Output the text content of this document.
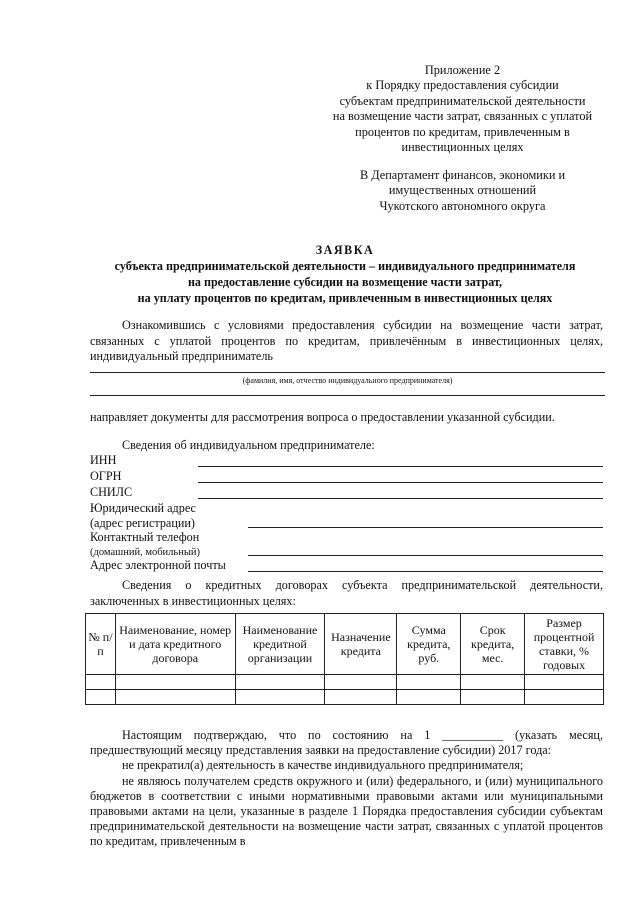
Приложение 2
к Порядку предоставления субсидии
субъектам предпринимательской деятельности
на возмещение части затрат, связанных с уплатой
процентов по кредитам, привлеченным в
инвестиционных целях
В Департамент финансов, экономики и
имущественных отношений
Чукотского автономного округа
ЗАЯВКА
субъекта предпринимательской деятельности – индивидуального предпринимателя
на предоставление субсидии на возмещение части затрат,
на уплату процентов по кредитам, привлеченным в инвестиционных целях
Ознакомившись с условиями предоставления субсидии на возмещение части затрат, связанных с уплатой процентов по кредитам, привлечённым в инвестиционных целях, индивидуальный предприниматель
(фамилия, имя, отчество индивидуального предпринимателя)
направляет документы для рассмотрения вопроса о предоставлении указанной субсидии.
Сведения об индивидуальном предпринимателе:
ИНН
ОГРН
СНИЛС
Юридический адрес
(адрес регистрации)
Контактный телефон
(домашний, мобильный)
Адрес электронной почты
Сведения о кредитных договорах субъекта предпринимательской деятельности, заключенных в инвестиционных целях:
№ п/п	Наименование, номер и дата кредитного договора	Наименование кредитной организации	Назначение кредита	Сумма кредита, руб.	Срок кредита, мес.	Размер процентной ставки, % годовых

Настоящим подтверждаю, что по состоянию на 1 __________ (указать месяц, предшествующий месяцу представления заявки на предоставление субсидии) 2017 года:
не прекратил(а) деятельность в качестве индивидуального предпринимателя;
не являюсь получателем средств окружного и (или) федерального, и (или) муниципального бюджетов в соответствии с иными нормативными правовыми актами или муниципальными правовыми актами на цели, указанные в разделе 1 Порядка предоставления субсидии субъектам предпринимательской деятельности на возмещение части затрат, связанных с уплатой процентов по кредитам, привлеченным в
